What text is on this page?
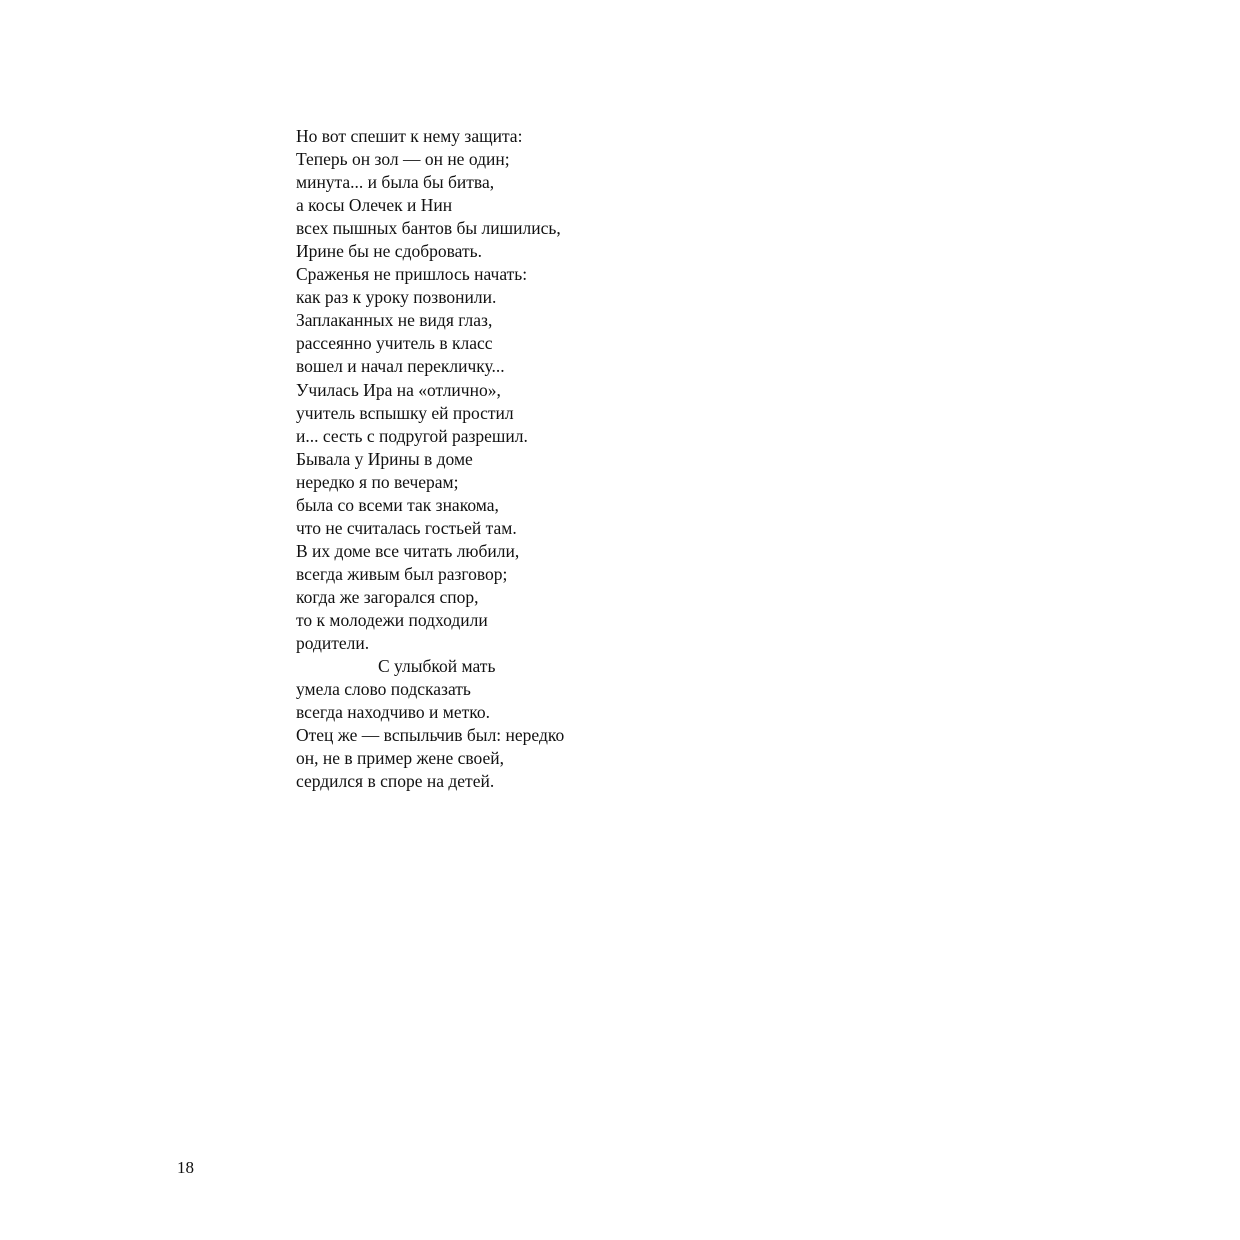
Но вот спешит к нему защита:
Теперь он зол — он не один;
минута... и была бы битва,
а косы Олечек и Нин
всех пышных бантов бы лишились,
Ирине бы не сдобровать.
Сраженья не пришлось начать:
как раз к уроку позвонили.
Заплаканных не видя глаз,
рассеянно учитель в класс
вошел и начал перекличку...
Училась Ира на «отлично»,
учитель вспышку ей простил
и... сесть с подругой разрешил.
Бывала у Ирины в доме
нередко я по вечерам;
была со всеми так знакома,
что не считалась гостьей там.
В их доме все читать любили,
всегда живым был разговор;
когда же загорался спор,
то к молодежи подходили
родители.
С улыбкой мать
умела слово подсказать
всегда находчиво и метко.
Отец же — вспыльчив был: нередко
он, не в пример жене своей,
сердился в споре на детей.
18
